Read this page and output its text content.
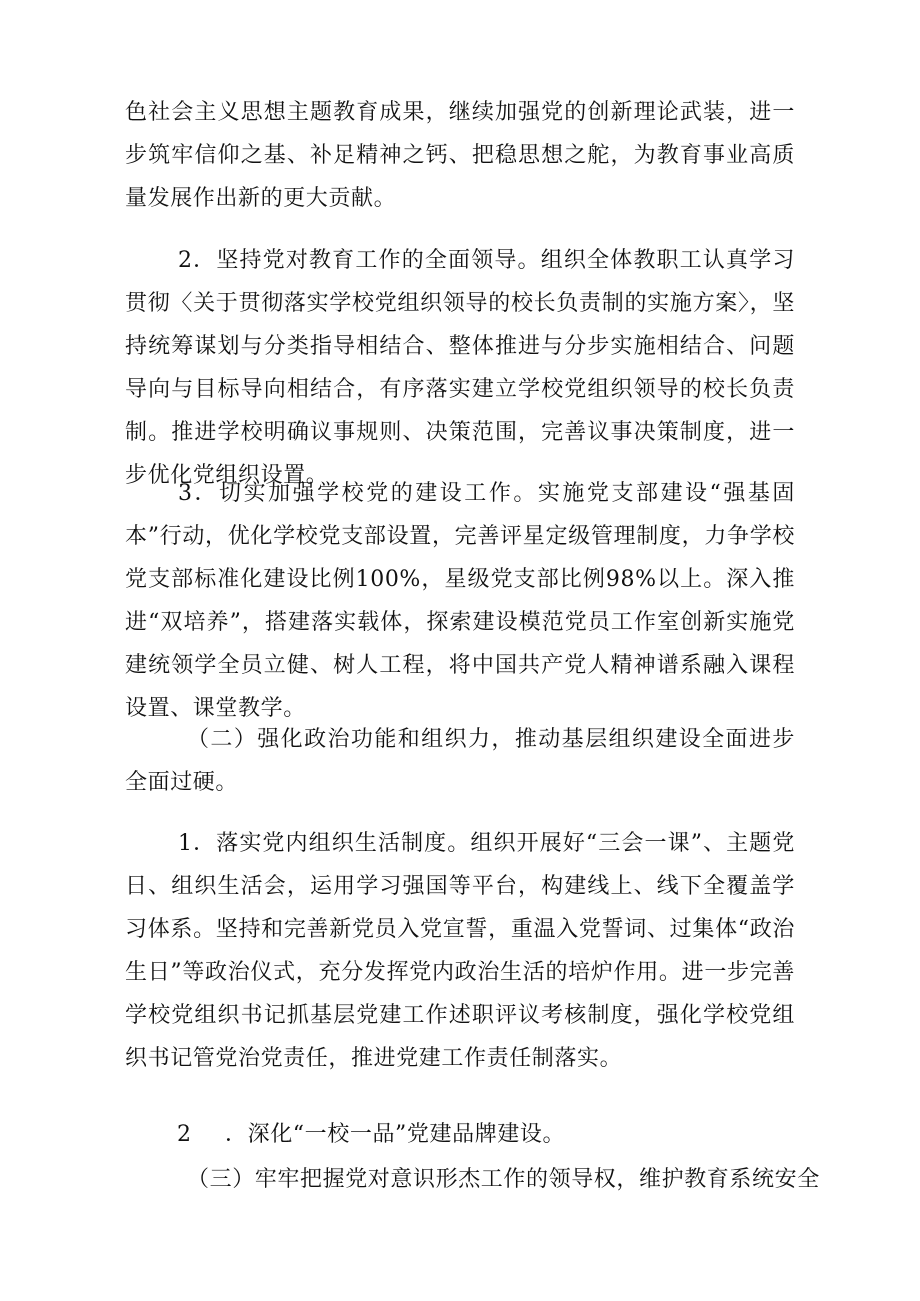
色社会主义思想主题教育成果，继续加强党的创新理论武装，进一步筑牢信仰之基、补足精神之钙、把稳思想之舵，为教育事业高质量发展作出新的更大贡献。

2．坚持党对教育工作的全面领导。组织全体教职工认真学习贯彻〈关于贯彻落实学校党组织领导的校长负责制的实施方案〉，坚持统筹谋划与分类指导相结合、整体推进与分步实施相结合、问题导向与目标导向相结合，有序落实建立学校党组织领导的校长负责制。推进学校明确议事规则、决策范围，完善议事决策制度，进一步优化党组织设置。

3．切实加强学校党的建设工作。实施党支部建设“强基固本”行动，优化学校党支部设置，完善评星定级管理制度，力争学校党支部标准化建设比例100%，星级党支部比例98%以上。深入推进“双培养”，搭建落实载体，探索建设模范党员工作室创新实施党建统领学全员立健、树人工程，将中国共产党人精神谱系融入课程设置、课堂教学。

（二）强化政治功能和组织力，推动基层组织建设全面进步全面过硬。

1．落实党内组织生活制度。组织开展好“三会一课”、主题党日、组织生活会，运用学习强国等平台，构建线上、线下全覆盖学习体系。坚持和完善新党员入党宣誓，重温入党誓词、过集体“政治生日”等政治仪式，充分发挥党内政治生活的培炉作用。进一步完善学校党组织书记抓基层党建工作述职评议考核制度，强化学校党组织书记管党治党责任，推进党建工作责任制落实。

2 ．深化“一校一品”党建品牌建设。

（三）牢牢把握党对意识形杰工作的领导权，维护教育系统安全
